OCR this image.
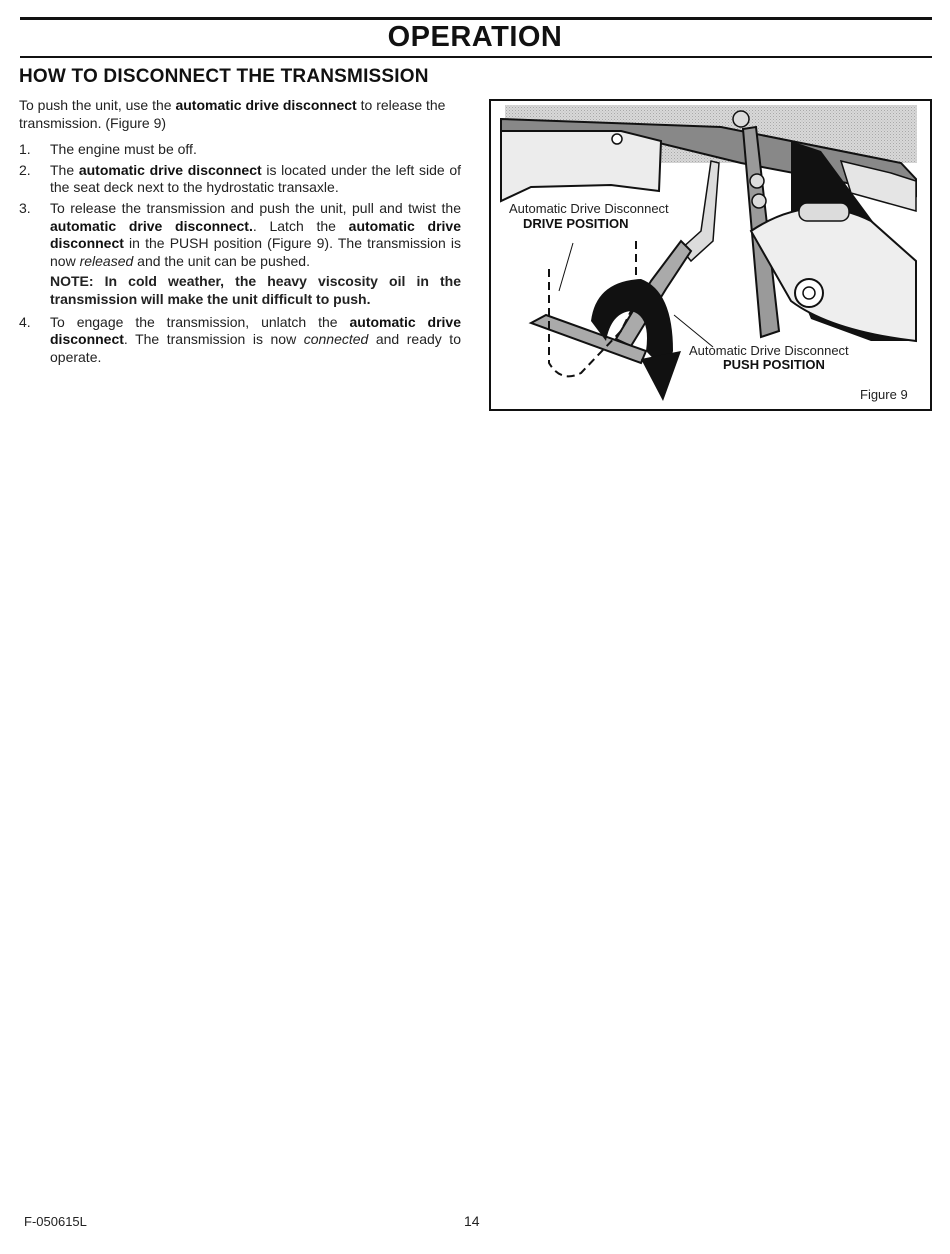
OPERATION
HOW TO DISCONNECT THE TRANSMISSION

To push the unit, use the automatic drive disconnect to release the transmission. (Figure 9)

1.	The engine must be off.
2.	The automatic drive disconnect is located under the left side of the seat deck next to the hydrostatic transaxle.
3.	To release the transmission and push the unit, pull and twist the automatic drive disconnect.. Latch the automatic drive disconnect in the PUSH position (Figure 9). The transmission is now released and the unit can be pushed.
NOTE: In cold weather, the heavy viscosity oil in the transmission will make the unit difficult to push.
4.	To engage the transmission, unlatch the automatic drive disconnect. The transmission is now connected and ready to operate.
Automatic Drive Disconnect
DRIVE POSITION
Automatic Drive Disconnect
PUSH POSITION
Figure 9
F-050615L	14
